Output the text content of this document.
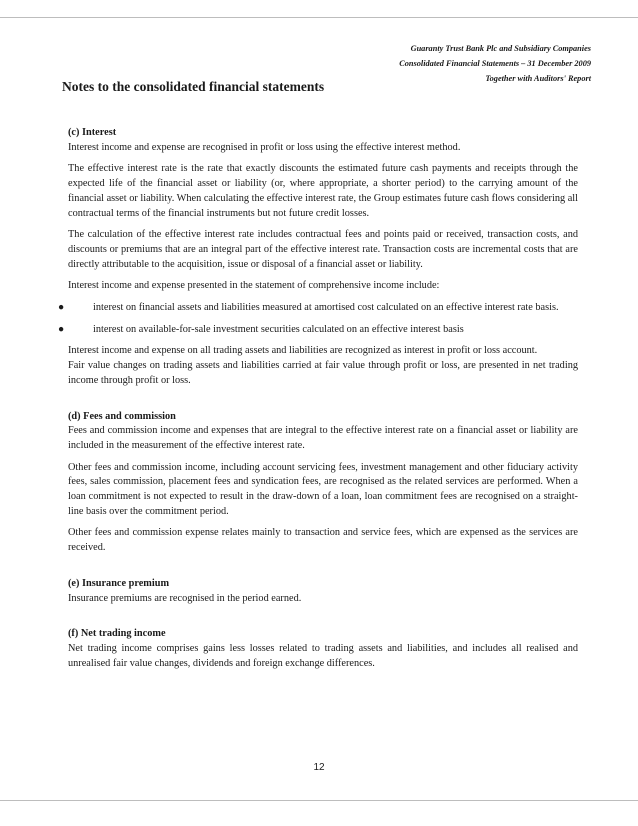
Guaranty Trust Bank Plc and Subsidiary Companies
Consolidated Financial Statements – 31 December 2009
Together with Auditors' Report
Notes to the consolidated financial statements
(c) Interest

Interest income and expense are recognised in profit or loss using the effective interest method.

The effective interest rate is the rate that exactly discounts the estimated future cash payments and receipts through the expected life of the financial asset or liability (or, where appropriate, a shorter period) to the carrying amount of the financial asset or liability. When calculating the effective interest rate, the Group estimates future cash flows considering all contractual terms of the financial instruments but not future credit losses.

The calculation of the effective interest rate includes contractual fees and points paid or received, transaction costs, and discounts or premiums that are an integral part of the effective interest rate. Transaction costs are incremental costs that are directly attributable to the acquisition, issue or disposal of a financial asset or liability.

Interest income and expense presented in the statement of comprehensive income include:

●	interest on financial assets and liabilities measured at amortised cost calculated on an effective interest rate basis.
●	interest on available-for-sale investment securities calculated on an effective interest basis

Interest income and expense on all trading assets and liabilities are recognized as interest in profit or loss account.

Fair value changes on trading assets and liabilities carried at fair value through profit or loss, are presented in net trading income through profit or loss.

(d) Fees and commission

Fees and commission income and expenses that are integral to the effective interest rate on a financial asset or liability are included in the measurement of the effective interest rate.

Other fees and commission income, including account servicing fees, investment management and other fiduciary activity fees, sales commission, placement fees and syndication fees, are recognised as the related services are performed. When a loan commitment is not expected to result in the draw-down of a loan, loan commitment fees are recognised on a straight-line basis over the commitment period.

Other fees and commission expense relates mainly to transaction and service fees, which are expensed as the services are received.

(e) Insurance premium

Insurance premiums are recognised in the period earned.

(f) Net trading income

Net trading income comprises gains less losses related to trading assets and liabilities, and includes all realised and unrealised fair value changes, dividends and foreign exchange differences.

12
